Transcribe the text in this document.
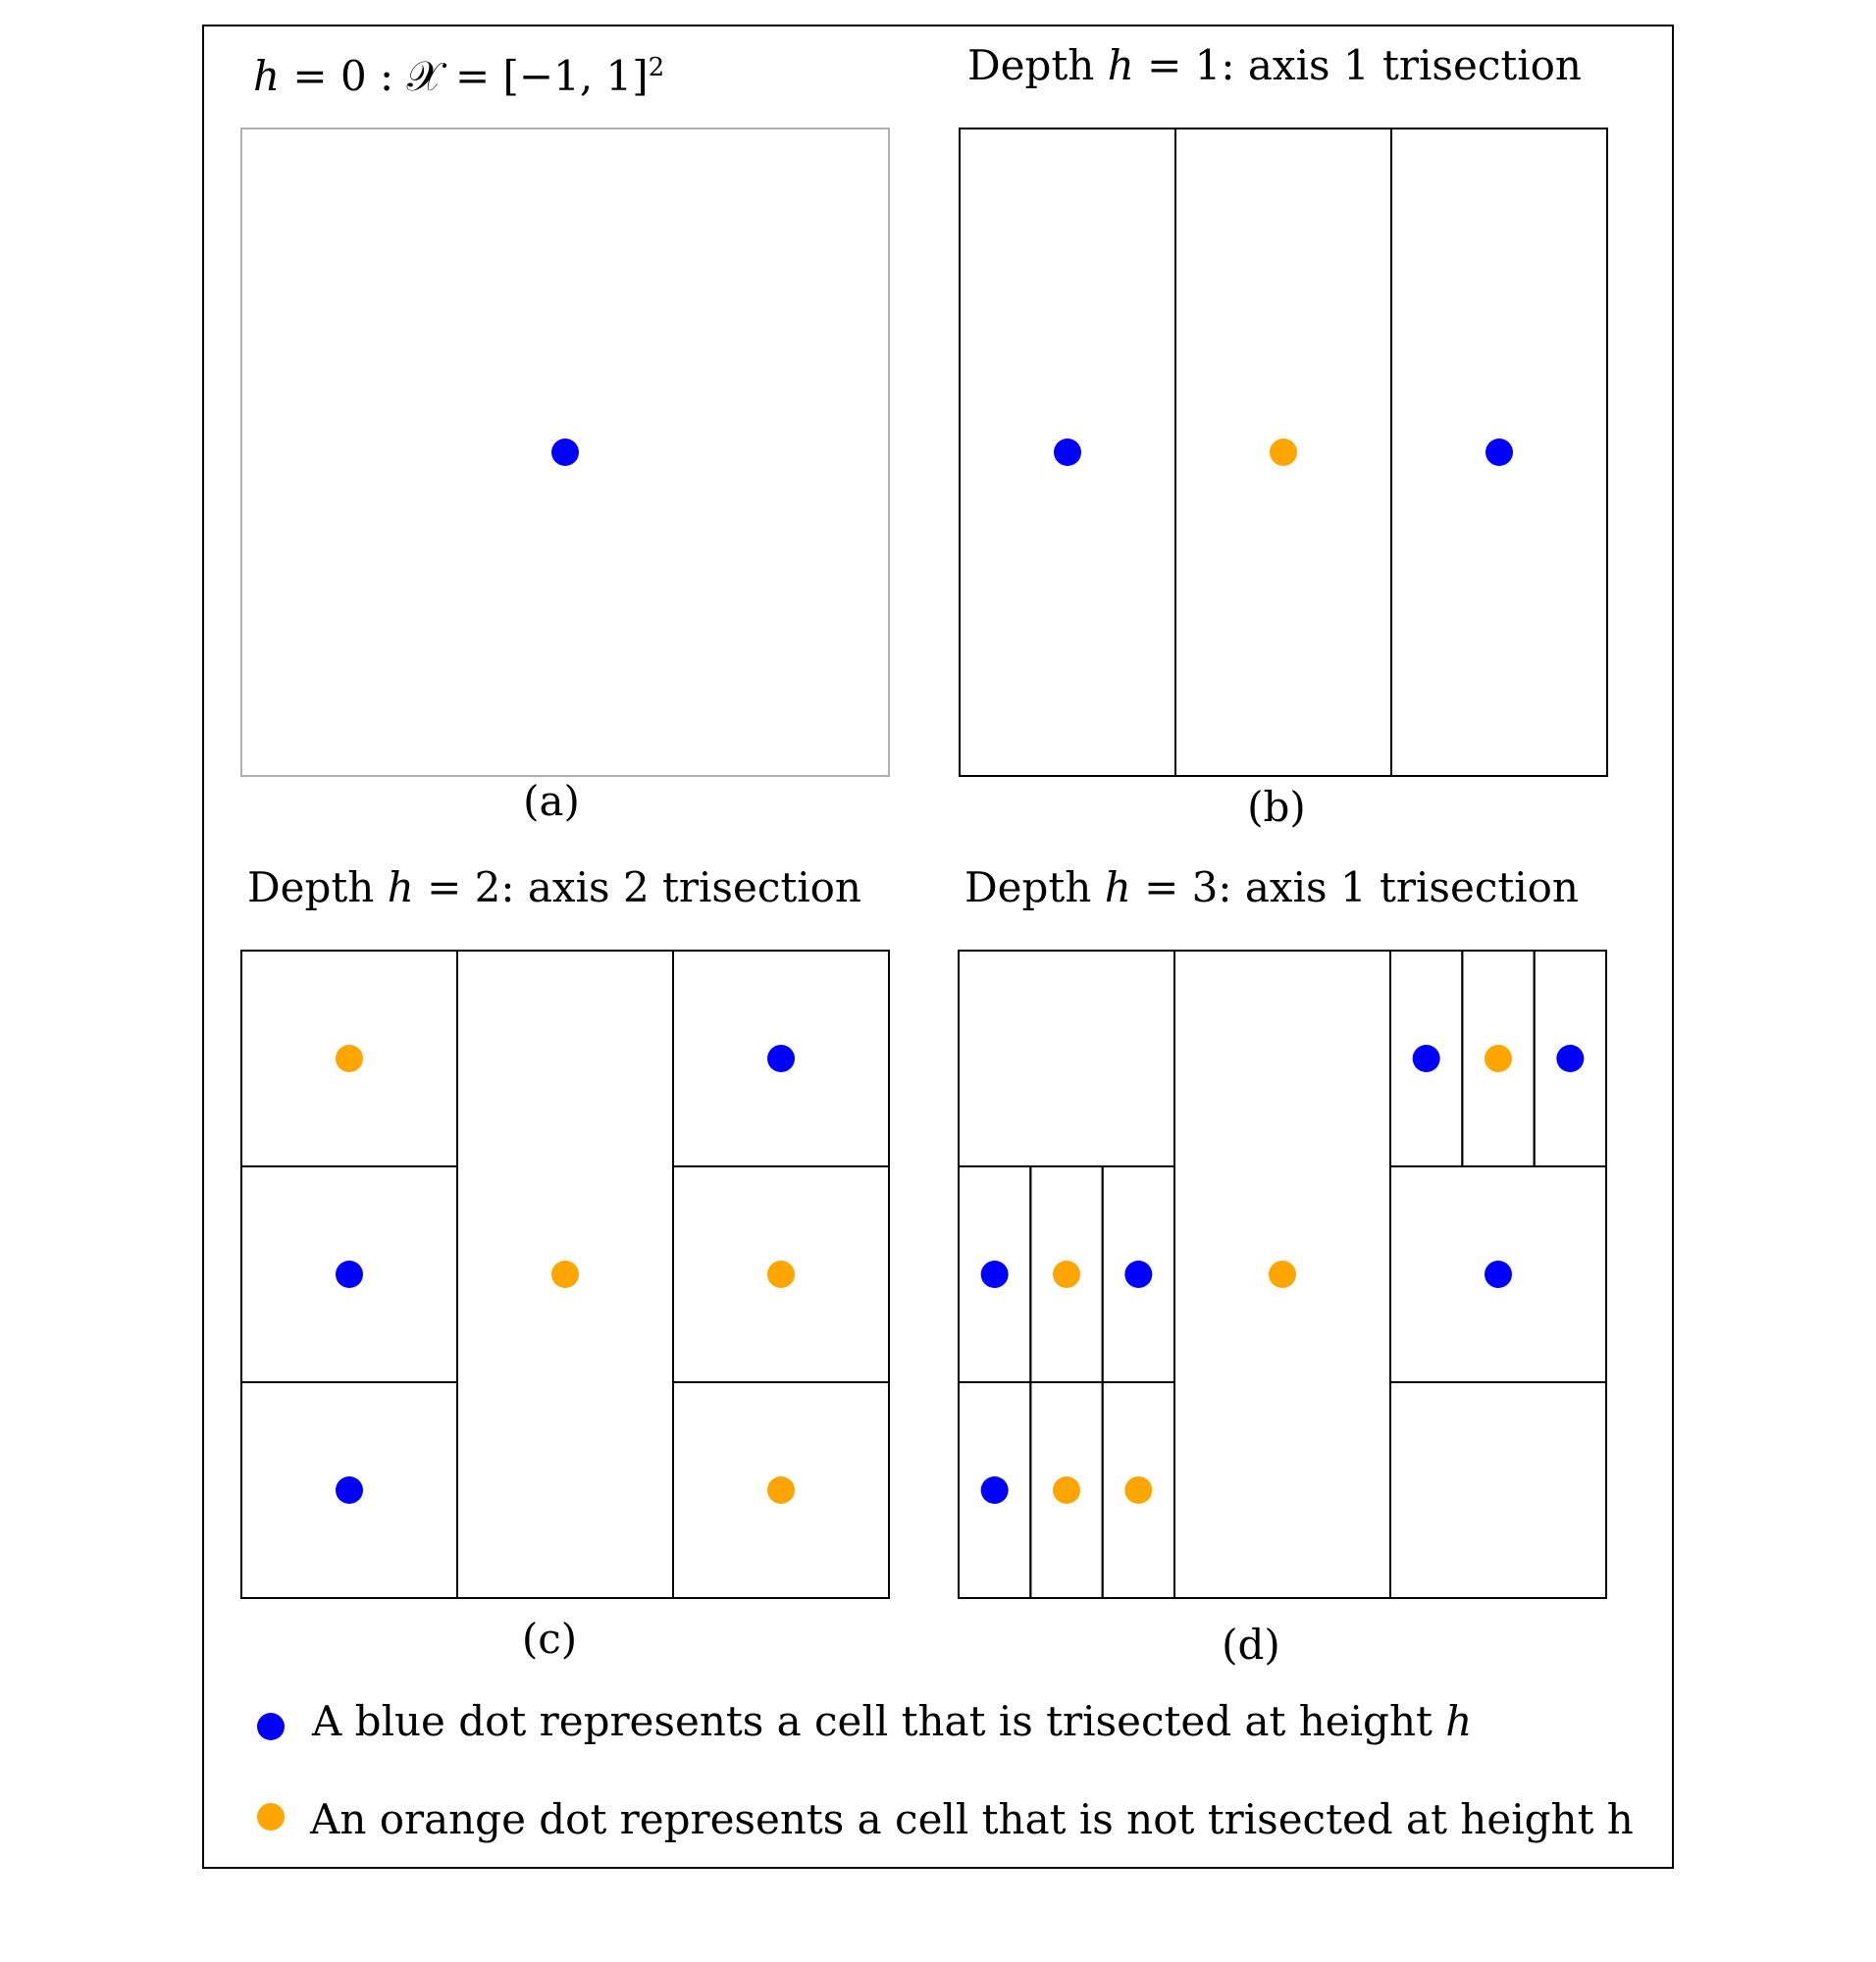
h = 0 : 𝒳 = [−1, 1]$^2$	Depth h = 1: axis 1 trisection
Depth h = 2: axis 2 trisection	Depth h = 3: axis 1 trisection
(a)	(b)
(c)	(d)
A blue dot represents a cell that is trisected at height h
An orange dot represents a cell that is not trisected at height h
